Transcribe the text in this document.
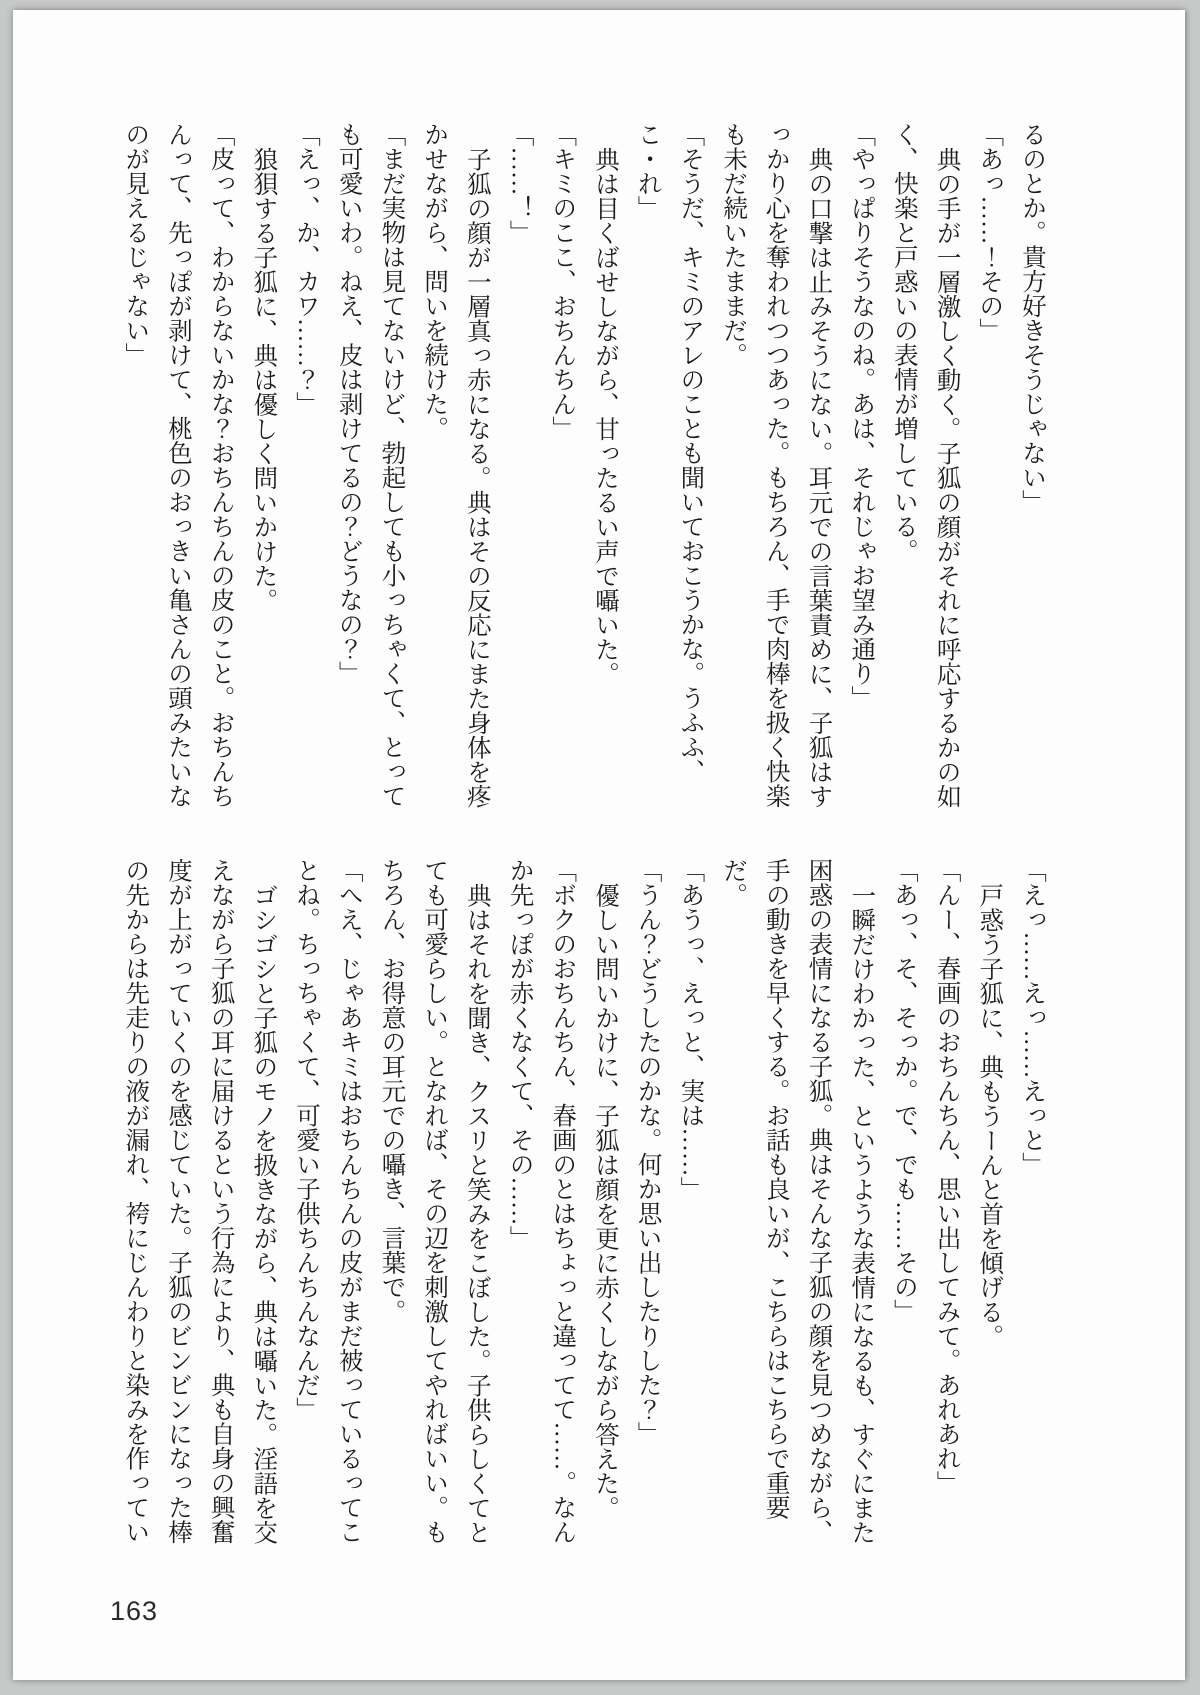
るのとか。貴方好きそうじゃない」

「あっ……！その」

典の手が一層激しく動く。子狐の顔がそれに呼応するかの如く、快楽と戸惑いの表情が増している。

「やっぱりそうなのね。あは、それじゃお望み通り」

典の口撃は止みそうにない。耳元での言葉責めに、子狐はすっかり心を奪われつつあった。もちろん、手で肉棒を扱く快楽も未だ続いたままだ。

「そうだ、キミのアレのことも聞いておこうかな。うふふ、こ・れ」

典は目くばせしながら、甘ったるい声で囁いた。

「キミのここ、おちんちん」

「……！」

子狐の顔が一層真っ赤になる。典はその反応にまた身体を疼かせながら、問いを続けた。

「まだ実物は見てないけど、勃起しても小っちゃくて、とっても可愛いわ。ねえ、皮は剥けてるの？どうなの？」

「えっ、か、カワ……？」

狼狽する子狐に、典は優しく問いかけた。

「皮って、わからないかな？おちんちんの皮のこと。おちんちんって、先っぽが剥けて、桃色のおっきい亀さんの頭みたいなのが見えるじゃない」

「えっ……えっ……えっと」

戸惑う子狐に、典もうーんと首を傾げる。

「んー、春画のおちんちん、思い出してみて。あれあれ」

「あっ、そ、そっか。で、でも……その」

一瞬だけわかった、というような表情になるも、すぐにまた困惑の表情になる子狐。典はそんな子狐の顔を見つめながら、手の動きを早くする。お話も良いが、こちらはこちらで重要だ。

「あうっ、えっと、実は……」

「うん？どうしたのかな。何か思い出したりした？」

優しい問いかけに、子狐は顔を更に赤くしながら答えた。

「ボクのおちんちん、春画のとはちょっと違ってて……。なんか先っぽが赤くなくて、その……」

典はそれを聞き、クスリと笑みをこぼした。子供らしくてとても可愛らしい。となれば、その辺を刺激してやればいい。もちろん、お得意の耳元での囁き、言葉で。

「へえ、じゃあキミはおちんちんの皮がまだ被っているってことね。ちっちゃくて、可愛い子供ちんちんなんだ」

ゴシゴシと子狐のモノを扱きながら、典は囁いた。淫語を交えながら子狐の耳に届けるという行為により、典も自身の興奮度が上がっていくのを感じていた。子狐のビンビンになった棒の先からは先走りの液が漏れ、袴にじんわりと染みを作ってい

163
